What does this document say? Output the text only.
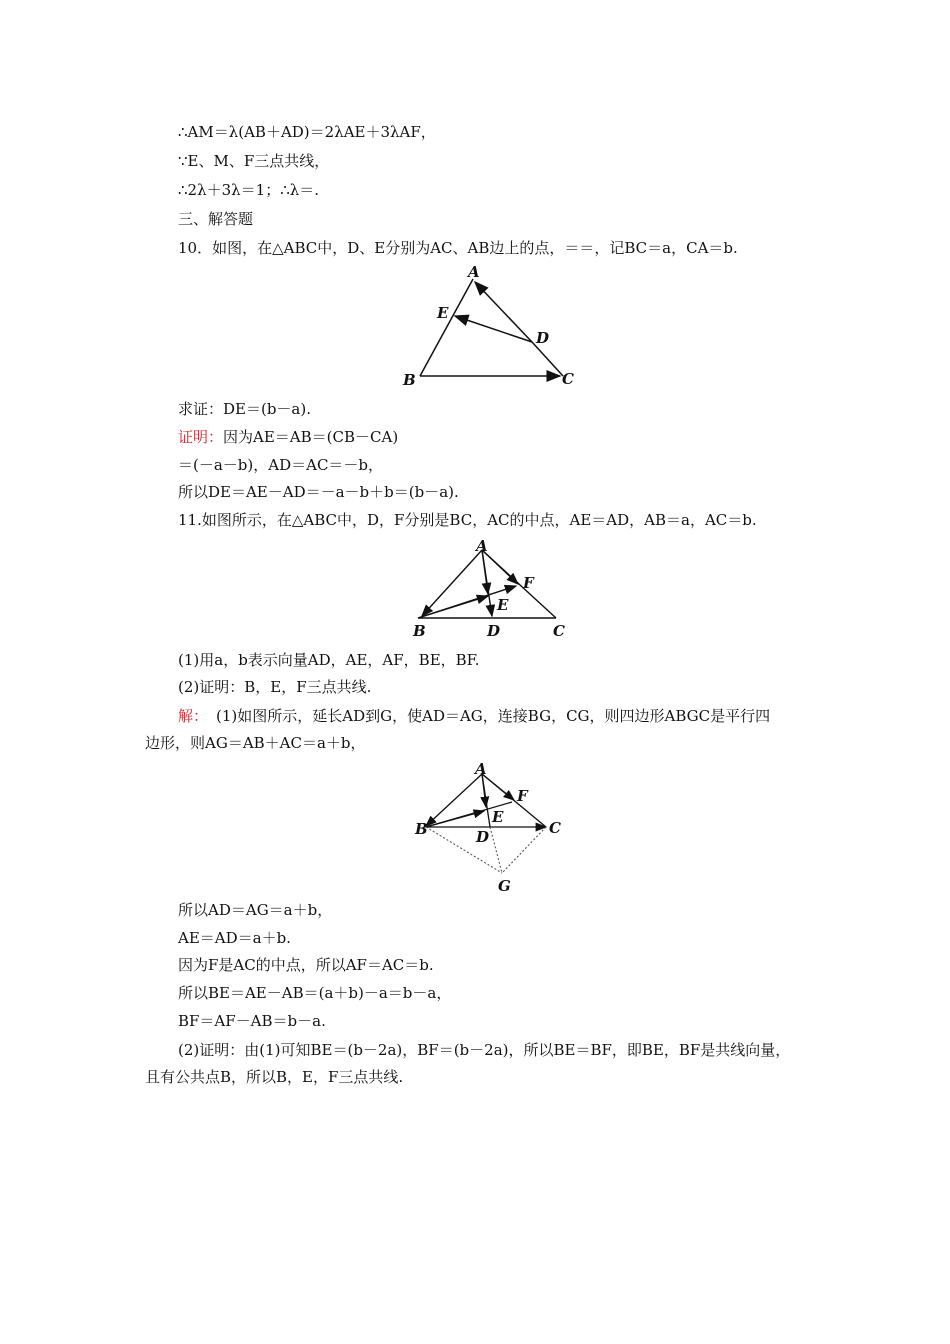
∴AM＝λ(AB＋AD)＝2λAE＋3λAF，
∵E、M、F三点共线，
∴2λ＋3λ＝1；∴λ＝.
三、解答题
10．如图，在△ABC中，D、E分别为AC、AB边上的点，＝＝，记BC＝a，CA＝b.
A
E
D
B	C
求证：DE＝(b－a).
证明：因为AE＝AB＝(CB－CA)
＝(－a－b)，AD＝AC＝－b，
所以DE＝AE－AD＝－a－b＋b＝(b－a).
11.如图所示，在△ABC中，D，F分别是BC，AC的中点，AE＝AD，AB＝a，AC＝b.
A
F
E
B	D	C
(1)用a，b表示向量AD，AE，AF，BE，BF.
(2)证明：B，E，F三点共线.
解： (1)如图所示，延长AD到G，使AD＝AG，连接BG，CG，则四边形ABGC是平行四
边形，则AG＝AB＋AC＝a＋b，
A
F
E
B	D	C
G
所以AD＝AG＝a＋b，
AE＝AD＝a＋b.
因为F是AC的中点，所以AF＝AC＝b.
所以BE＝AE－AB＝(a＋b)－a＝b－a，
BF＝AF－AB＝b－a.
(2)证明：由(1)可知BE＝(b－2a)，BF＝(b－2a)，所以BE＝BF，即BE，BF是共线向量，
且有公共点B，所以B，E，F三点共线.
